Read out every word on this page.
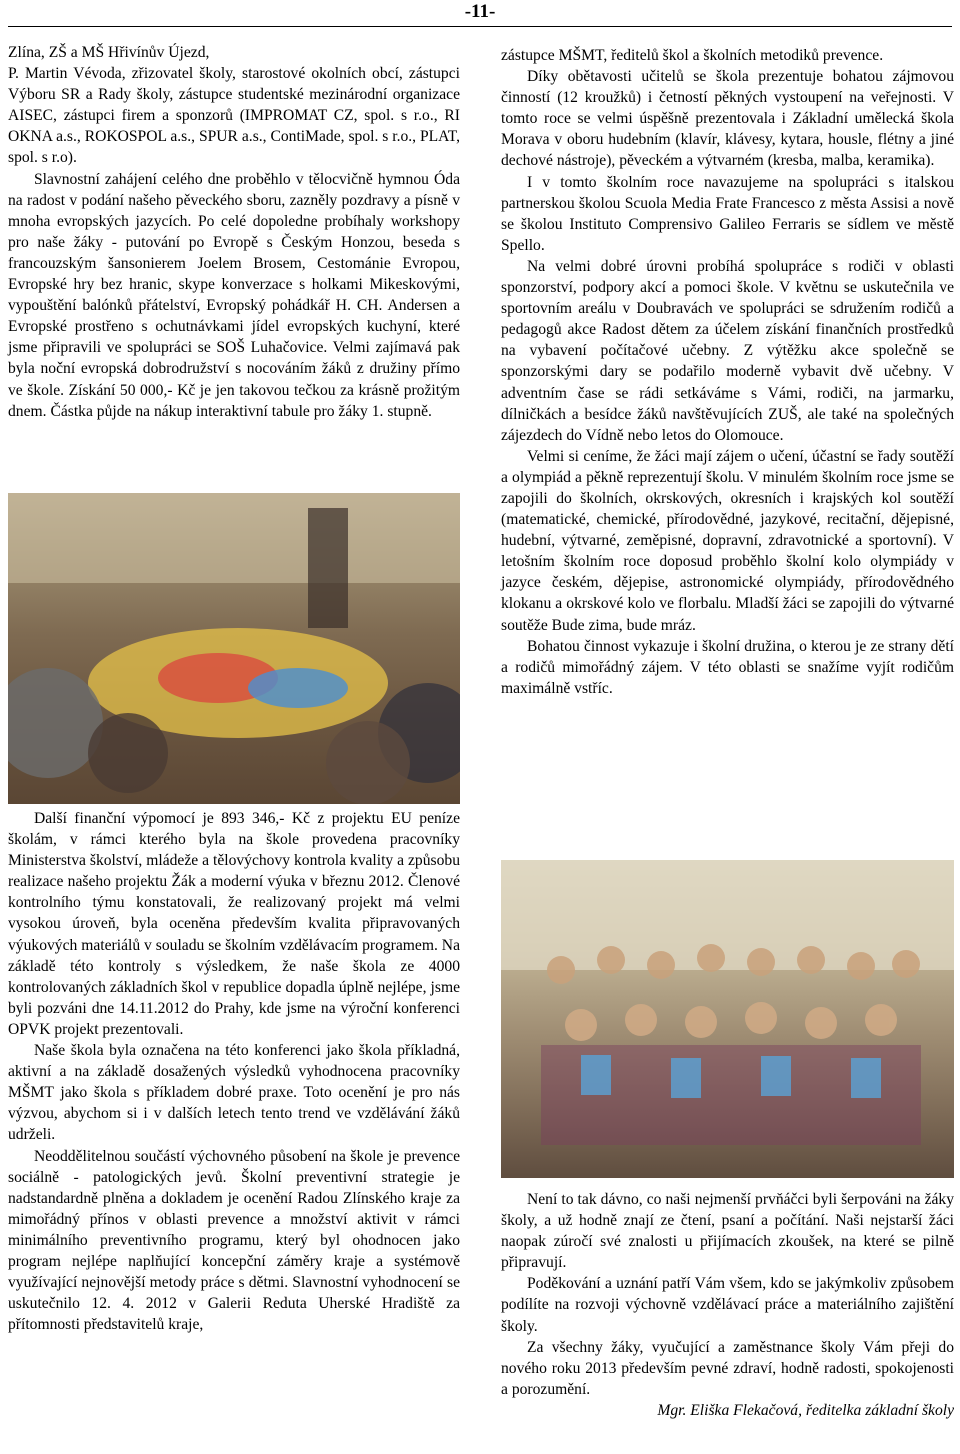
-11-

Zlína, ZŠ a MŠ Hřivínův Újezd,

P. Martin Vévoda, zřizovatel školy, starostové okolních obcí, zástupci Výboru SR a Rady školy, zástupce studentské mezinárodní organizace AISEC, zástupci firem a sponzorů (IMPROMAT CZ, spol. s r.o., RI OKNA a.s., ROKOSPOL a.s., SPUR a.s., ContiMade, spol. s r.o., PLAT, spol. s r.o).

Slavnostní zahájení celého dne proběhlo v tělocvičně hymnou Óda na radost v podání našeho pěveckého sboru, zazněly pozdravy a písně v mnoha evropských jazycích. Po celé dopoledne probíhaly workshopy pro naše žáky - putování po Evropě s Českým Honzou, beseda s francouzským šansonierem Joelem Brosem, Cestománie Evropou, Evropské hry bez hranic, skype konverzace s holkami Mikeskovými, vypouštění balónků přátelství, Evropský pohádkář H. CH. Andersen a Evropské prostřeno s ochutnávkami jídel evropských kuchyní, které jsme připravili ve spolupráci se SOŠ Luhačovice. Velmi zajímavá pak byla noční evropská dobrodružství s nocováním žáků z družiny přímo ve škole. Získání 50 000,- Kč je jen takovou tečkou za krásně prožitým dnem. Částka půjde na nákup interaktivní tabule pro žáky 1. stupně.

Další finanční výpomocí je 893 346,- Kč z projektu EU peníze školám, v rámci kterého byla na škole provedena pracovníky Ministerstva školství, mládeže a tělovýchovy kontrola kvality a způsobu realizace našeho projektu Žák a moderní výuka v březnu 2012. Členové kontrolního týmu konstatovali, že realizovaný projekt má velmi vysokou úroveň, byla oceněna především kvalita připravovaných výukových materiálů v souladu se školním vzdělávacím programem. Na základě této kontroly s výsledkem, že naše škola ze 4000 kontrolovaných základních škol v republice dopadla úplně nejlépe, jsme byli pozváni dne 14.11.2012 do Prahy, kde jsme na výroční konferenci OPVK projekt prezentovali.

Naše škola byla označena na této konferenci jako škola příkladná, aktivní a na základě dosažených výsledků vyhodnocena pracovníky MŠMT jako škola s příkladem dobré praxe. Toto ocenění je pro nás výzvou, abychom si i v dalších letech tento trend ve vzdělávání žáků udrželi.

Neoddělitelnou součástí výchovného působení na škole je prevence sociálně - patologických jevů. Školní preventivní strategie je nadstandardně plněna a dokladem je ocenění Radou Zlínského kraje za mimořádný přínos v oblasti prevence a množství aktivit v rámci minimálního preventivního programu, který byl ohodnocen jako program nejlépe naplňující koncepční záměry kraje a systémově využívající nejnovější metody práce s dětmi. Slavnostní vyhodnocení se uskutečnilo 12. 4. 2012 v Galerii Reduta Uherské Hradiště za přítomnosti představitelů kraje,

zástupce MŠMT, ředitelů škol a školních metodiků prevence.

Díky obětavosti učitelů se škola prezentuje bohatou zájmovou činností (12 kroužků) i četností pěkných vystoupení na veřejnosti. V tomto roce se velmi úspěšně prezentovala i Základní umělecká škola Morava v oboru hudebním (klavír, klávesy, kytara, housle, flétny a jiné dechové nástroje), pěveckém a výtvarném (kresba, malba, keramika).

I v tomto školním roce navazujeme na spolupráci s italskou partnerskou školou Scuola Media Frate Francesco z města Assisi a nově se školou Instituto Comprensivo Galileo Ferraris se sídlem ve městě Spello.

Na velmi dobré úrovni probíhá spolupráce s rodiči v oblasti sponzorství, podpory akcí a pomoci škole. V květnu se uskutečnila ve sportovním areálu v Doubravách ve spolupráci se sdružením rodičů a pedagogů akce Radost dětem za účelem získání finančních prostředků na vybavení počítačové učebny. Z výtěžku akce společně se sponzorskými dary se podařilo moderně vybavit dvě učebny. V adventním čase se rádi setkáváme s Vámi, rodiči, na jarmarku, dílničkách a besídce žáků navštěvujících ZUŠ, ale také na společných zájezdech do Vídně nebo letos do Olomouce.

Velmi si ceníme, že žáci mají zájem o učení, účastní se řady soutěží a olympiád a pěkně reprezentují školu. V minulém školním roce jsme se zapojili do školních, okrskových, okresních i krajských kol soutěží (matematické, chemické, přírodovědné, jazykové, recitační, dějepisné, hudební, výtvarné, zeměpisné, dopravní, zdravotnické a sportovní). V letošním školním roce doposud proběhlo školní kolo olympiády v jazyce českém, dějepise, astronomické olympiády, přírodovědného klokanu a okrskové kolo ve florbalu. Mladší žáci se zapojili do výtvarné soutěže Bude zima, bude mráz.

Bohatou činnost vykazuje i školní družina, o kterou je ze strany dětí a rodičů mimořádný zájem. V této oblasti se snažíme vyjít rodičům maximálně vstříc.

Není to tak dávno, co naši nejmenší prvňáčci byli šerpováni na žáky školy, a už hodně znají ze čtení, psaní a počítání. Naši nejstarší žáci naopak zúročí své znalosti u přijímacích zkoušek, na které se pilně připravují.

Poděkování a uznání patří Vám všem, kdo se jakýmkoliv způsobem podílíte na rozvoji výchovně vzdělávací práce a materiálního zajištění školy.

Za všechny žáky, vyučující a zaměstnance školy Vám přeji do nového roku 2013 především pevné zdraví, hodně radosti, spokojenosti a porozumění.

Mgr. Eliška Flekačová, ředitelka základní školy
